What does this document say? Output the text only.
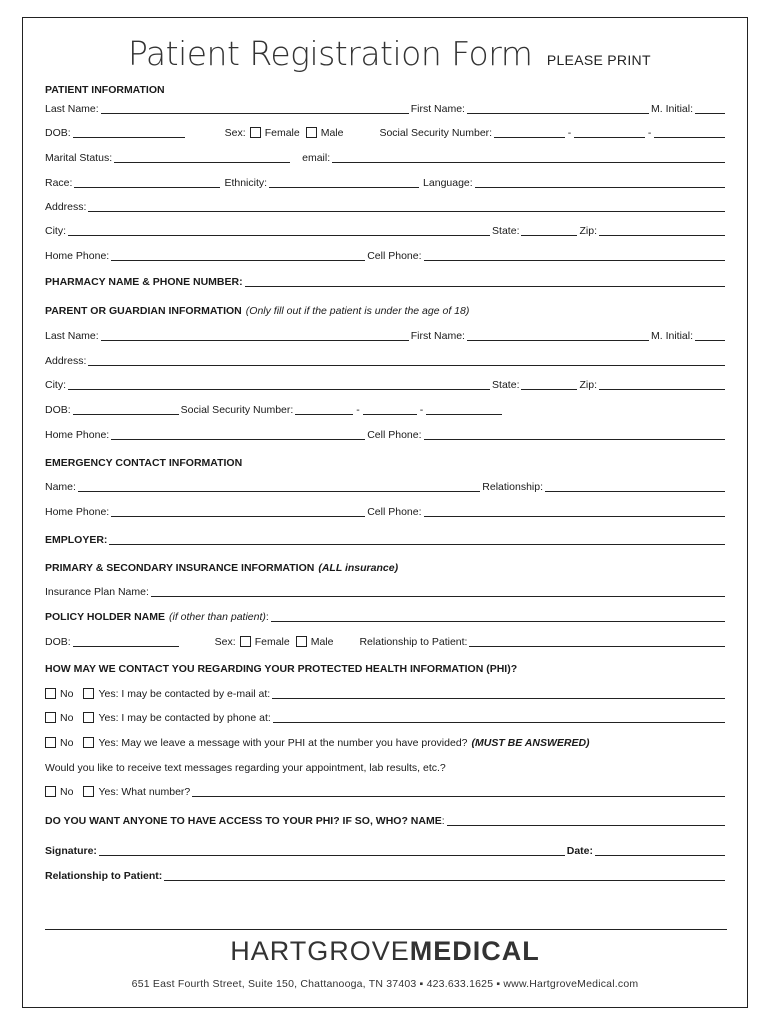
Patient Registration Form PLEASE PRINT
PATIENT INFORMATION
Last Name:	First Name:	M. Initial:
DOB:	Sex: Female Male	Social Security Number:	-	-
Marital Status:	email:
Race:	Ethnicity:	Language:
Address:
City:	State:	Zip:
Home Phone:	Cell Phone:
PHARMACY NAME & PHONE NUMBER:
PARENT OR GUARDIAN INFORMATION (Only fill out if the patient is under the age of 18)
Last Name:	First Name:	M. Initial:
Address:
City:	State:	Zip:
DOB:	Social Security Number:	-	-
Home Phone:	Cell Phone:
EMERGENCY CONTACT INFORMATION
Name:	Relationship:
Home Phone:	Cell Phone:
EMPLOYER:
PRIMARY & SECONDARY INSURANCE INFORMATION (ALL insurance)
Insurance Plan Name:
POLICY HOLDER NAME (if other than patient) :
DOB:	Sex: Female Male Relationship to Patient:
HOW MAY WE CONTACT YOU REGARDING YOUR PROTECTED HEALTH INFORMATION (PHI)?
No Yes: I may be contacted by e-mail at:
No Yes: I may be contacted by phone at:
No Yes: May we leave a message with your PHI at the number you have provided? (MUST BE ANSWERED)
Would you like to receive text messages regarding your appointment, lab results, etc.?
No Yes: What number?
DO YOU WANT ANYONE TO HAVE ACCESS TO YOUR PHI? IF SO, WHO? NAME :
Signature:	Date:
Relationship to Patient:
HARTGROVEMEDICAL
651 East Fourth Street, Suite 150, Chattanooga, TN 37403 ▪ 423.633.1625 ▪ www.HartgroveMedical.com
